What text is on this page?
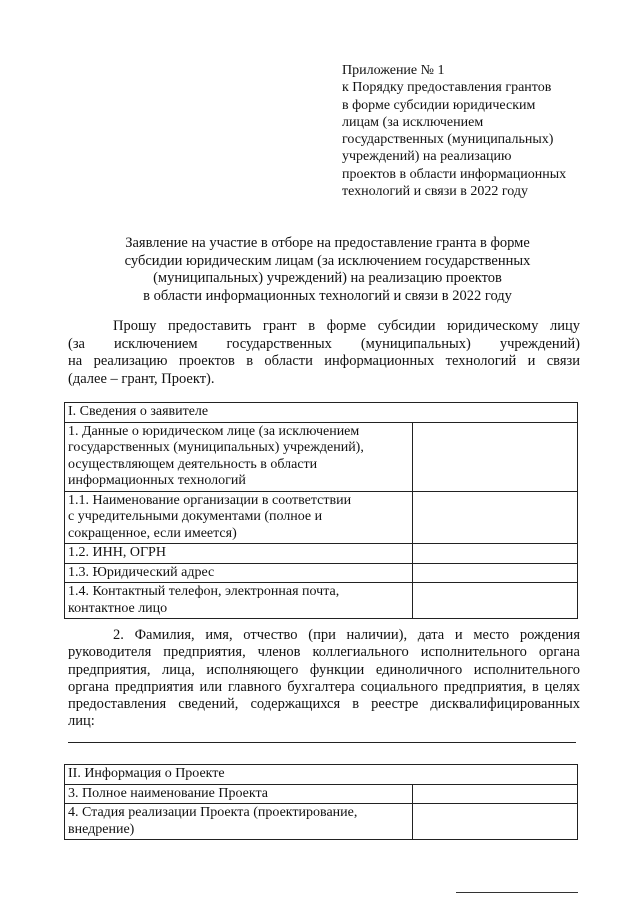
Приложение № 1
к Порядку предоставления грантов
в форме субсидии юридическим
лицам (за исключением
государственных (муниципальных)
учреждений) на реализацию
проектов в области информационных
технологий и связи в 2022 году
Заявление на участие в отборе на предоставление гранта в форме
субсидии юридическим лицам (за исключением государственных
(муниципальных) учреждений) на реализацию проектов
в области информационных технологий и связи в 2022 году
Прошу предоставить грант в форме субсидии юридическому лицу
(за исключением государственных (муниципальных) учреждений)
на реализацию проектов в области информационных технологий и связи
(далее – грант, Проект).
I. Сведения о заявителе	

1. Данные о юридическом лице (за исключением
государственных (муниципальных) учреждений),
осуществляющем деятельность в области
информационных технологий	

1.1. Наименование организации в соответствии
с учредительными документами (полное и
сокращенное, если имеется)	

1.2. ИНН, ОГРН	

1.3. Юридический адрес	

1.4. Контактный телефон, электронная почта,
контактное лицо	

2. Фамилия, имя, отчество (при наличии), дата и место рождения
руководителя предприятия, членов коллегиального исполнительного органа
предприятия, лица, исполняющего функции единоличного исполнительного
органа предприятия или главного бухгалтера социального предприятия, в целях
предоставления сведений, содержащихся в реестре дисквалифицированных
лиц:
II. Информация о Проекте	

3. Полное наименование Проекта	

4. Стадия реализации Проекта (проектирование,
внедрение)	
